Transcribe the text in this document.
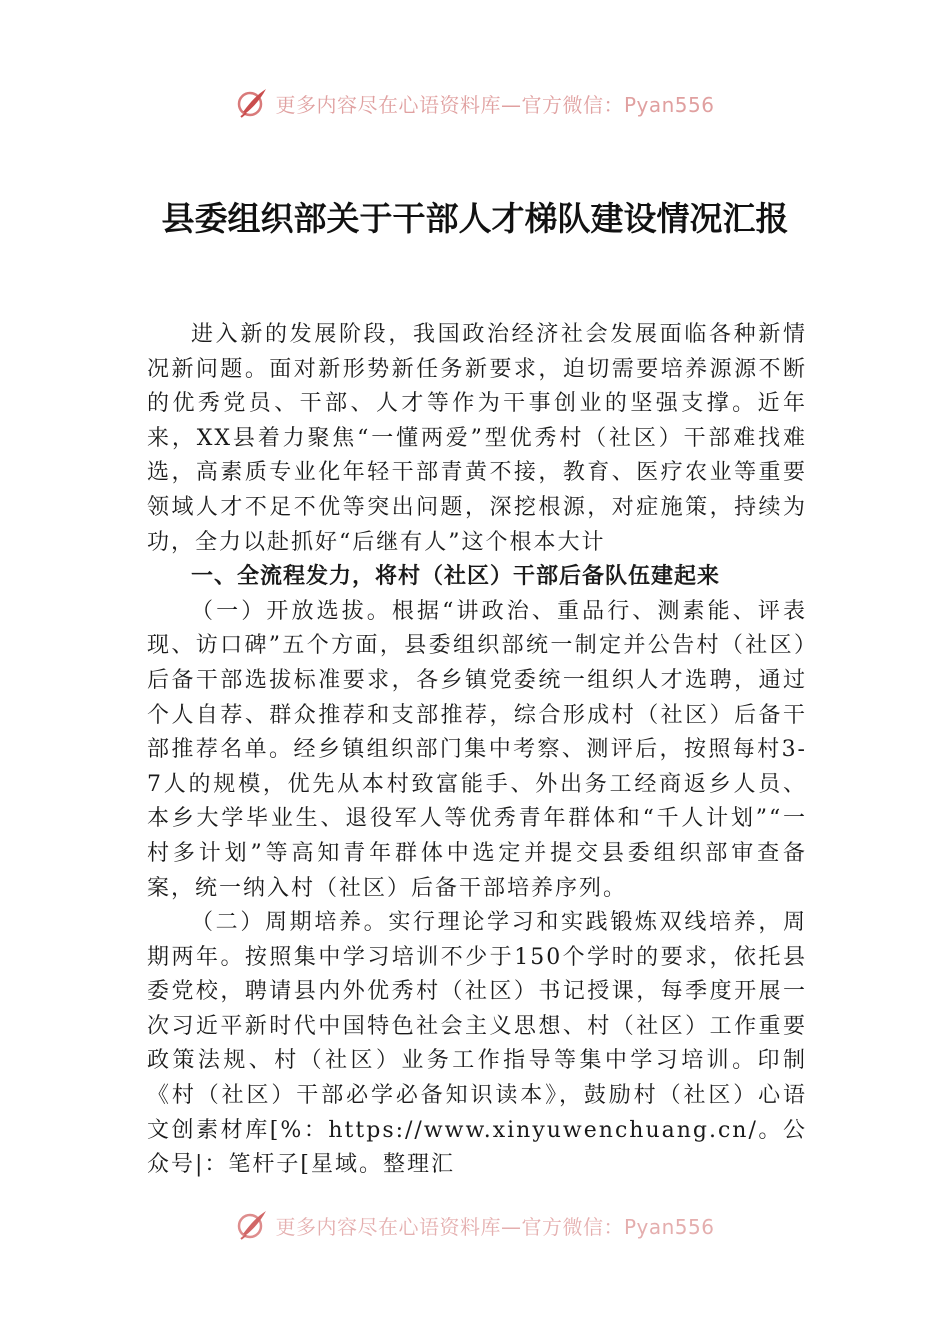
更多内容尽在心语资料库—官方微信：Pyan556
县委组织部关于干部人才梯队建设情况汇报

进入新的发展阶段，我国政治经济社会发展面临各种新情况新问题。面对新形势新任务新要求，迫切需要培养源源不断的优秀党员、干部、人才等作为干事创业的坚强支撑。近年来，XX县着力聚焦“一懂两爱”型优秀村（社区）干部难找难选，高素质专业化年轻干部青黄不接，教育、医疗农业等重要领域人才不足不优等突出问题，深挖根源，对症施策，持续为功，全力以赴抓好“后继有人”这个根本大计

一、全流程发力，将村（社区）干部后备队伍建起来

（一）开放选拔。根据“讲政治、重品行、测素能、评表现、访口碑”五个方面，县委组织部统一制定并公告村（社区）后备干部选拔标准要求，各乡镇党委统一组织人才选聘，通过个人自荐、群众推荐和支部推荐，综合形成村（社区）后备干部推荐名单。经乡镇组织部门集中考察、测评后，按照每村3-7人的规模，优先从本村致富能手、外出务工经商返乡人员、本乡大学毕业生、退役军人等优秀青年群体和“千人计划”“一村多计划”等高知青年群体中选定并提交县委组织部审查备案，统一纳入村（社区）后备干部培养序列。

（二）周期培养。实行理论学习和实践锻炼双线培养，周期两年。按照集中学习培训不少于150个学时的要求，依托县委党校，聘请县内外优秀村（社区）书记授课，每季度开展一次习近平新时代中国特色社会主义思想、村（社区）工作重要政策法规、村（社区）业务工作指导等集中学习培训。印制《村（社区）干部必学必备知识读本》，鼓励村（社区）心语文创素材库[%：https://www.xinyuwenchuang.cn/。公众号|：笔杆子[星域。整理汇

更多内容尽在心语资料库—官方微信：Pyan556
